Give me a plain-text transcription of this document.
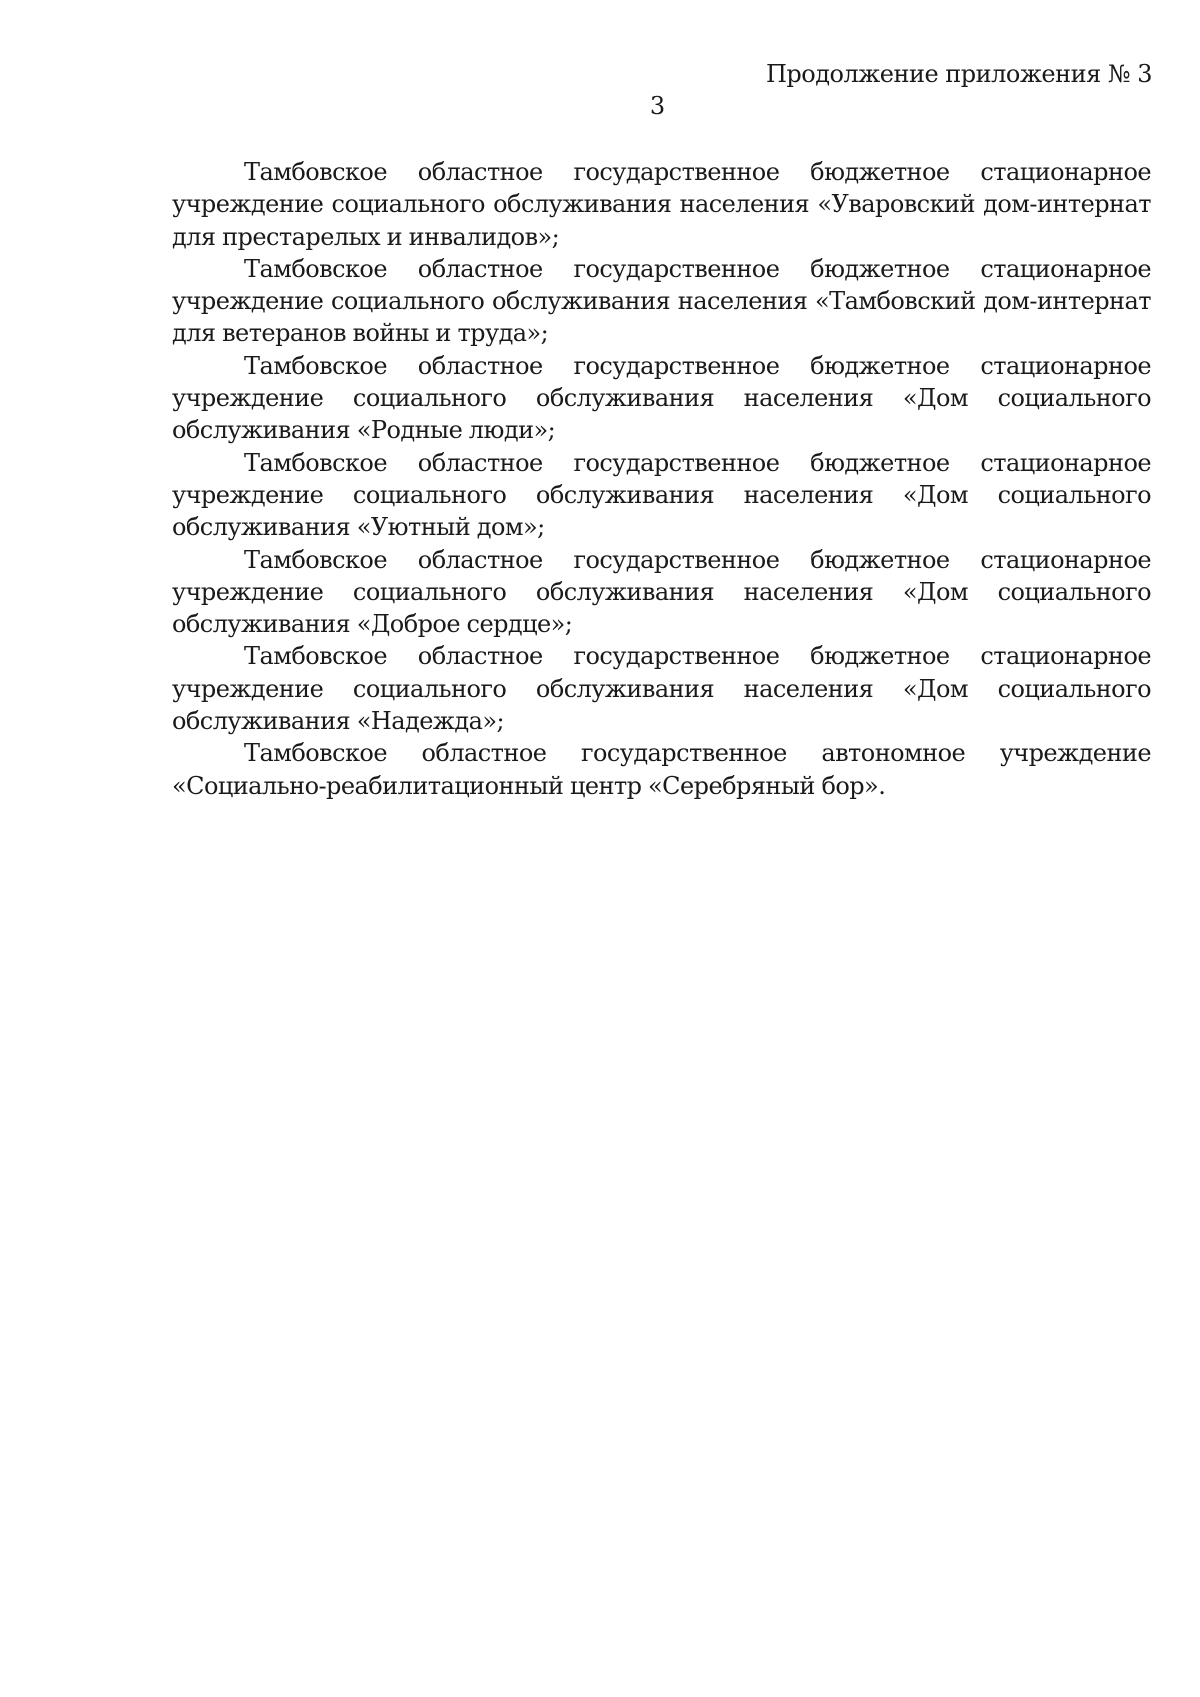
Продолжение приложения № 3
3

Тамбовское областное государственное бюджетное стационарное учреждение социального обслуживания населения «Уваровский дом-интернат для престарелых и инвалидов»;

Тамбовское областное государственное бюджетное стационарное учреждение социального обслуживания населения «Тамбовский дом-интернат для ветеранов войны и труда»;

Тамбовское областное государственное бюджетное стационарное учреждение социального обслуживания населения «Дом социального обслуживания «Родные люди»;

Тамбовское областное государственное бюджетное стационарное учреждение социального обслуживания населения «Дом социального обслуживания «Уютный дом»;

Тамбовское областное государственное бюджетное стационарное учреждение социального обслуживания населения «Дом социального обслуживания «Доброе сердце»;

Тамбовское областное государственное бюджетное стационарное учреждение социального обслуживания населения «Дом социального обслуживания «Надежда»;

Тамбовское областное государственное автономное учреждение «Социально-реабилитационный центр «Серебряный бор».
